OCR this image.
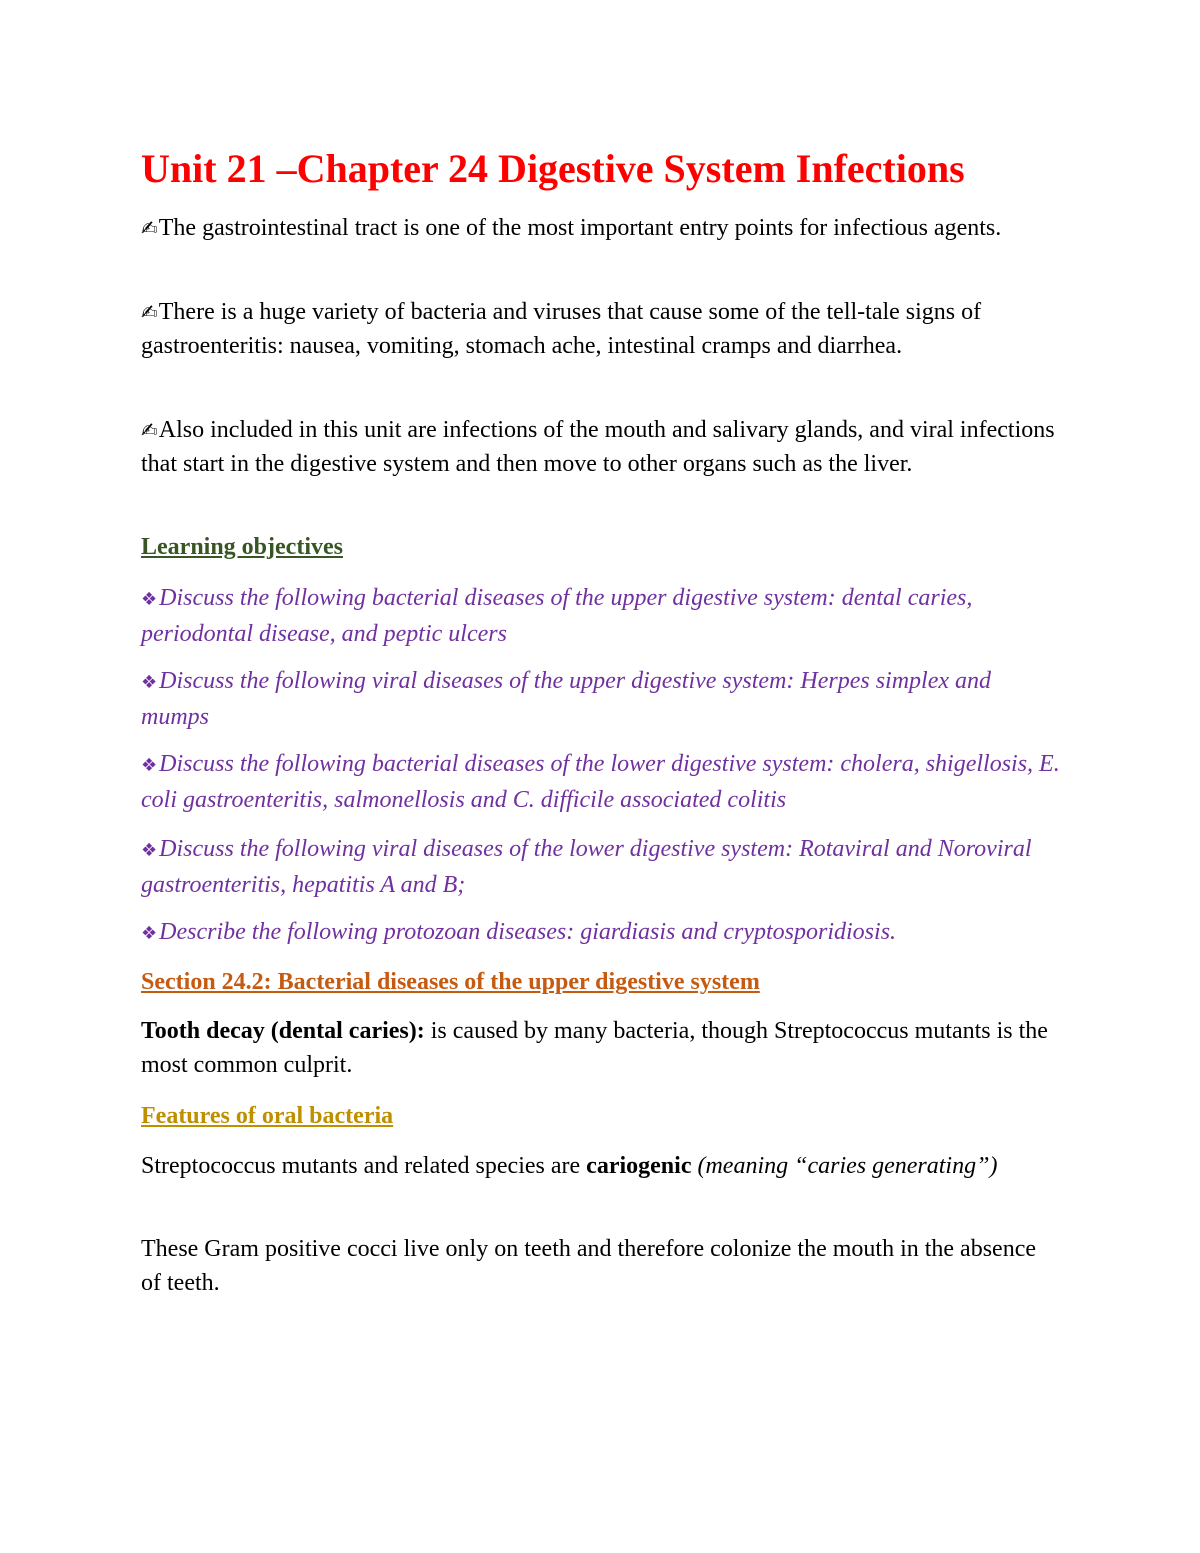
Unit 21 –Chapter 24 Digestive System Infections

✍The gastrointestinal tract is one of the most important entry points for infectious agents.

✍There is a huge variety of bacteria and viruses that cause some of the tell-tale signs of gastroenteritis: nausea, vomiting, stomach ache, intestinal cramps and diarrhea.

✍Also included in this unit are infections of the mouth and salivary glands, and viral infections that start in the digestive system and then move to other organs such as the liver.

Learning objectives

❖Discuss the following bacterial diseases of the upper digestive system: dental caries, periodontal disease, and peptic ulcers

❖Discuss the following viral diseases of the upper digestive system: Herpes simplex and mumps

❖Discuss the following bacterial diseases of the lower digestive system: cholera, shigellosis, E. coli gastroenteritis, salmonellosis and C. difficile associated colitis

❖Discuss the following viral diseases of the lower digestive system: Rotaviral and Noroviral gastroenteritis, hepatitis A and B;

❖Describe the following protozoan diseases: giardiasis and cryptosporidiosis.

Section 24.2: Bacterial diseases of the upper digestive system

Tooth decay (dental caries): is caused by many bacteria, though Streptococcus mutants is the most common culprit.

Features of oral bacteria

Streptococcus mutants and related species are cariogenic (meaning “caries generating”)

These Gram positive cocci live only on teeth and therefore colonize the mouth in the absence of teeth.
